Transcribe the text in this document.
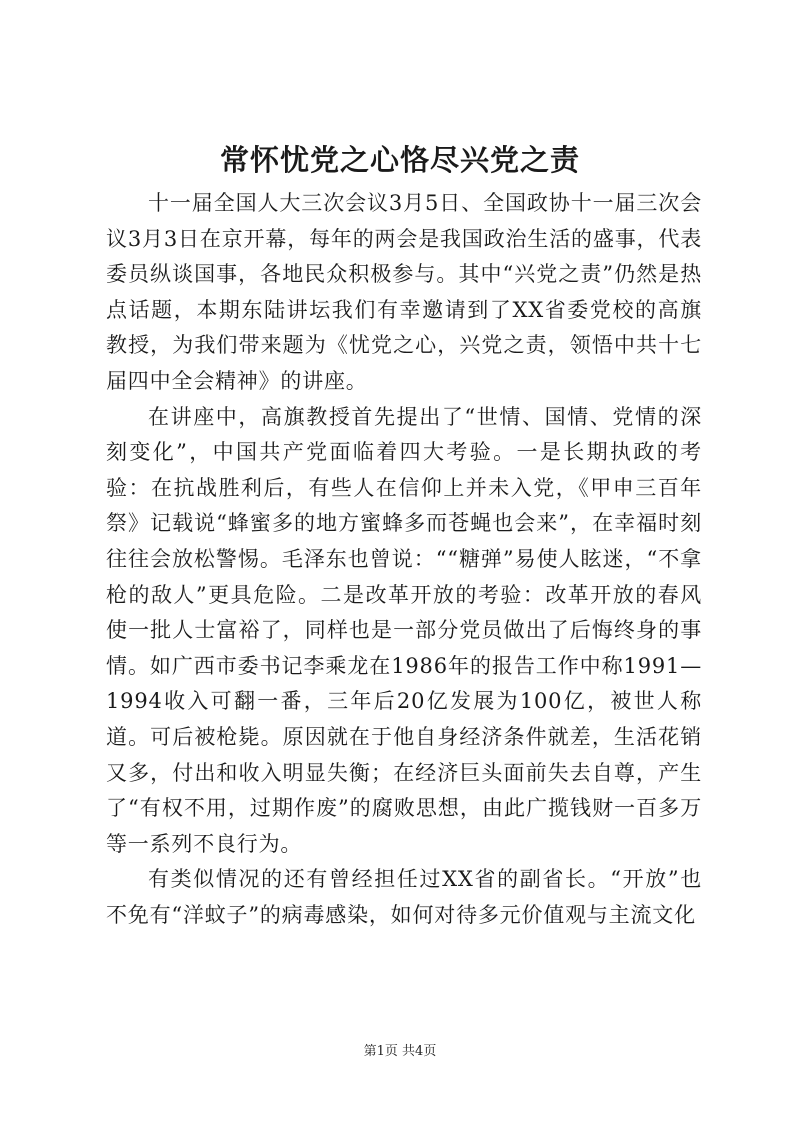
常怀忧党之心恪尽兴党之责

十一届全国人大三次会议3月5日、全国政协十一届三次会议3月3日在京开幕，每年的两会是我国政治生活的盛事，代表委员纵谈国事，各地民众积极参与。其中“兴党之责”仍然是热点话题，本期东陆讲坛我们有幸邀请到了XX省委党校的高旗教授，为我们带来题为《忧党之心，兴党之责，领悟中共十七届四中全会精神》的讲座。

在讲座中，高旗教授首先提出了“世情、国情、党情的深刻变化”，中国共产党面临着四大考验。一是长期执政的考验：在抗战胜利后，有些人在信仰上并未入党，《甲申三百年祭》记载说“蜂蜜多的地方蜜蜂多而苍蝇也会来”，在幸福时刻往往会放松警惕。毛泽东也曾说：““糖弹”易使人眩迷，“不拿枪的敌人”更具危险。二是改革开放的考验：改革开放的春风使一批人士富裕了，同样也是一部分党员做出了后悔终身的事情。如广西市委书记李乘龙在1986年的报告工作中称1991—1994收入可翻一番，三年后20亿发展为100亿，被世人称道。可后被枪毙。原因就在于他自身经济条件就差，生活花销又多，付出和收入明显失衡；在经济巨头面前失去自尊，产生了“有权不用，过期作废”的腐败思想，由此广揽钱财一百多万等一系列不良行为。

有类似情况的还有曾经担任过XX省的副省长。“开放”也不免有“洋蚊子”的病毒感染，如何对待多元价值观与主流文化

第1页 共4页
